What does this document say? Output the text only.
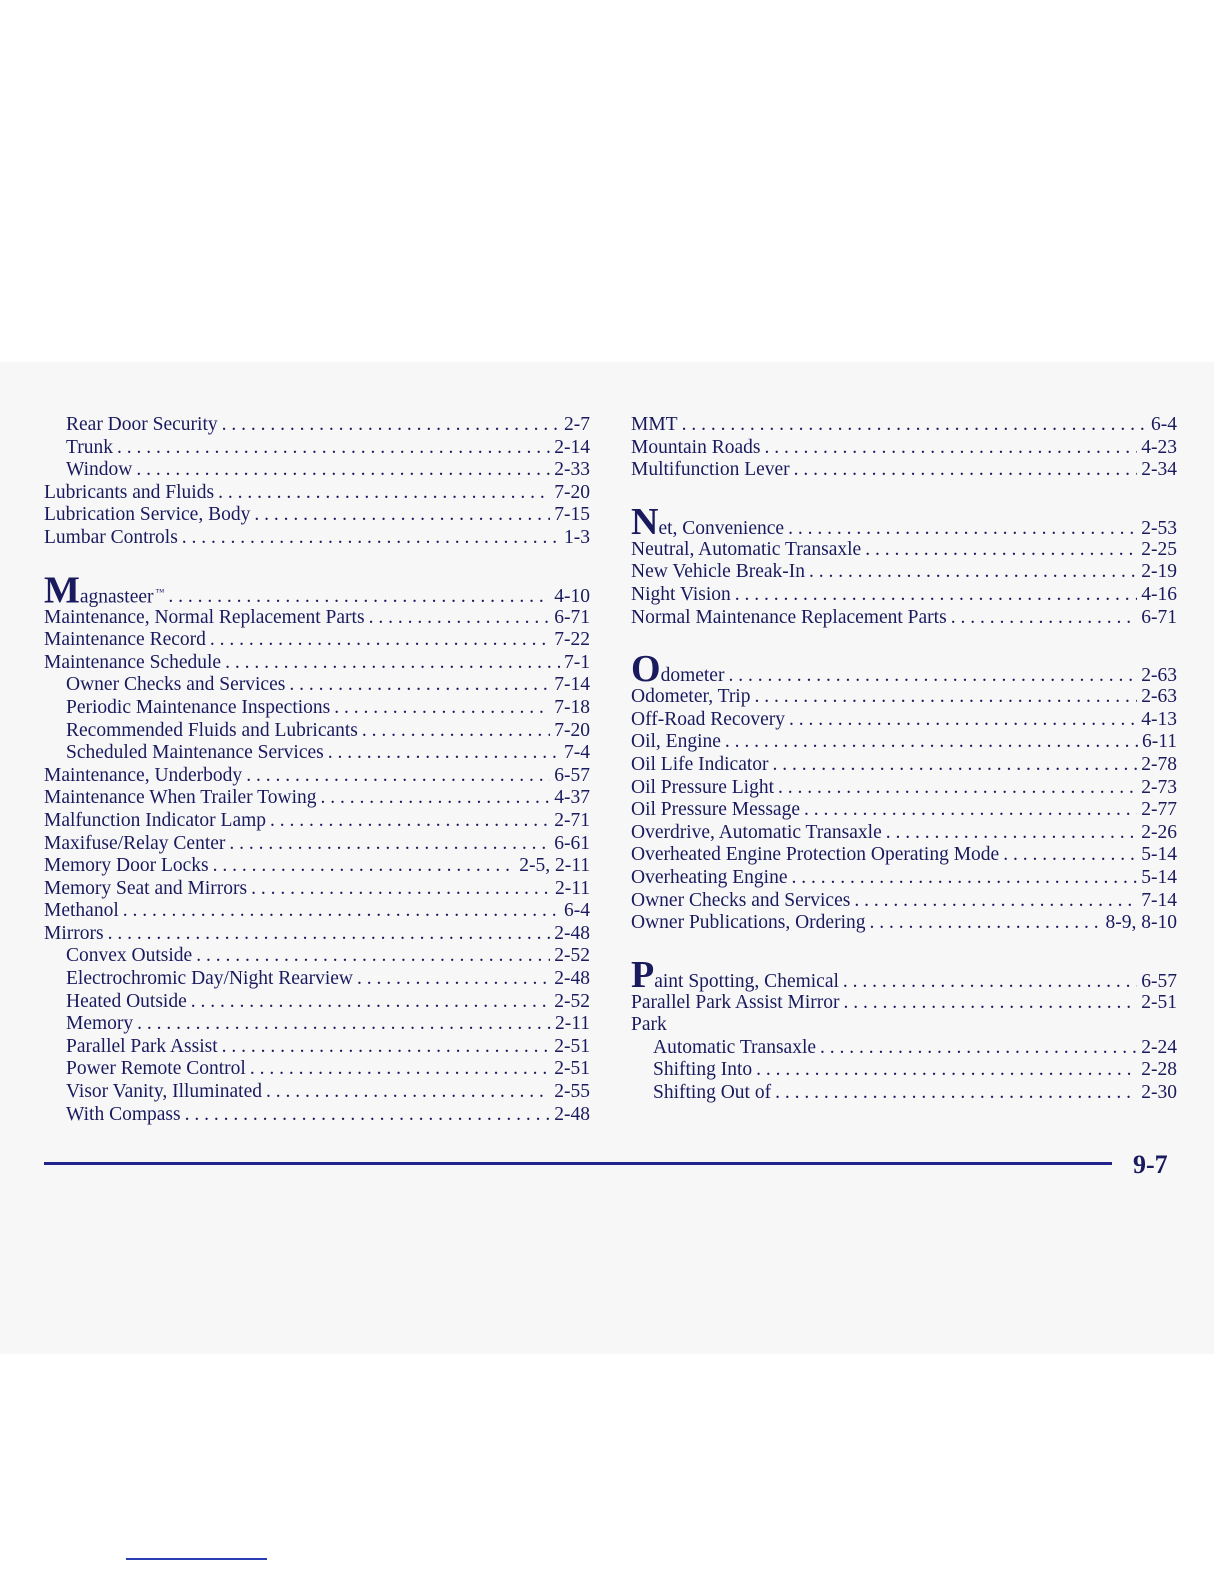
Rear Door Security . . .	2-7
Trunk . . .	2-14
Window . . .	2-33
Lubricants and Fluids . . .	7-20
Lubrication Service, Body . . .	7-15
Lumbar Controls . . .	1-3
Magnasteer ™ . . .	4-10
Maintenance, Normal Replacement Parts . . .	6-71
Maintenance Record . . .	7-22
Maintenance Schedule . . .	7-1
Owner Checks and Services . . .	7-14
Periodic Maintenance Inspections . . .	7-18
Recommended Fluids and Lubricants . . .	7-20
Scheduled Maintenance Services . . .	7-4
Maintenance, Underbody . . .	6-57
Maintenance When Trailer Towing . . .	4-37
Malfunction Indicator Lamp . . .	2-71
Maxifuse/Relay Center . . .	6-61
Memory Door Locks . . .	2-5, 2-11
Memory Seat and Mirrors . . .	2-11
Methanol . . .	6-4
Mirrors . . .	2-48
Convex Outside . . .	2-52
Electrochromic Day/Night Rearview . . .	2-48
Heated Outside . . .	2-52
Memory . . .	2-11
Parallel Park Assist . . .	2-51
Power Remote Control . . .	2-51
Visor Vanity, Illuminated . . .	2-55
With Compass . . .	2-48
MMT . . .	6-4
Mountain Roads . . .	4-23
Multifunction Lever . . .	2-34
Net, Convenience . . .	2-53
Neutral, Automatic Transaxle . . .	2-25
New Vehicle Break-In . . .	2-19
Night Vision . . .	4-16
Normal Maintenance Replacement Parts . . .	6-71
Odometer . . .	2-63
Odometer, Trip . . .	2-63
Off-Road Recovery . . .	4-13
Oil, Engine . . .	6-11
Oil Life Indicator . . .	2-78
Oil Pressure Light . . .	2-73
Oil Pressure Message . . .	2-77
Overdrive, Automatic Transaxle . . .	2-26
Overheated Engine Protection Operating Mode . . .	5-14
Overheating Engine . . .	5-14
Owner Checks and Services . . .	7-14
Owner Publications, Ordering . . .	8-9, 8-10
Paint Spotting, Chemical . . .	6-57
Parallel Park Assist Mirror . . .	2-51
Park
Automatic Transaxle . . .	2-24
Shifting Into . . .	2-28
Shifting Out of . . .	2-30
9-7
